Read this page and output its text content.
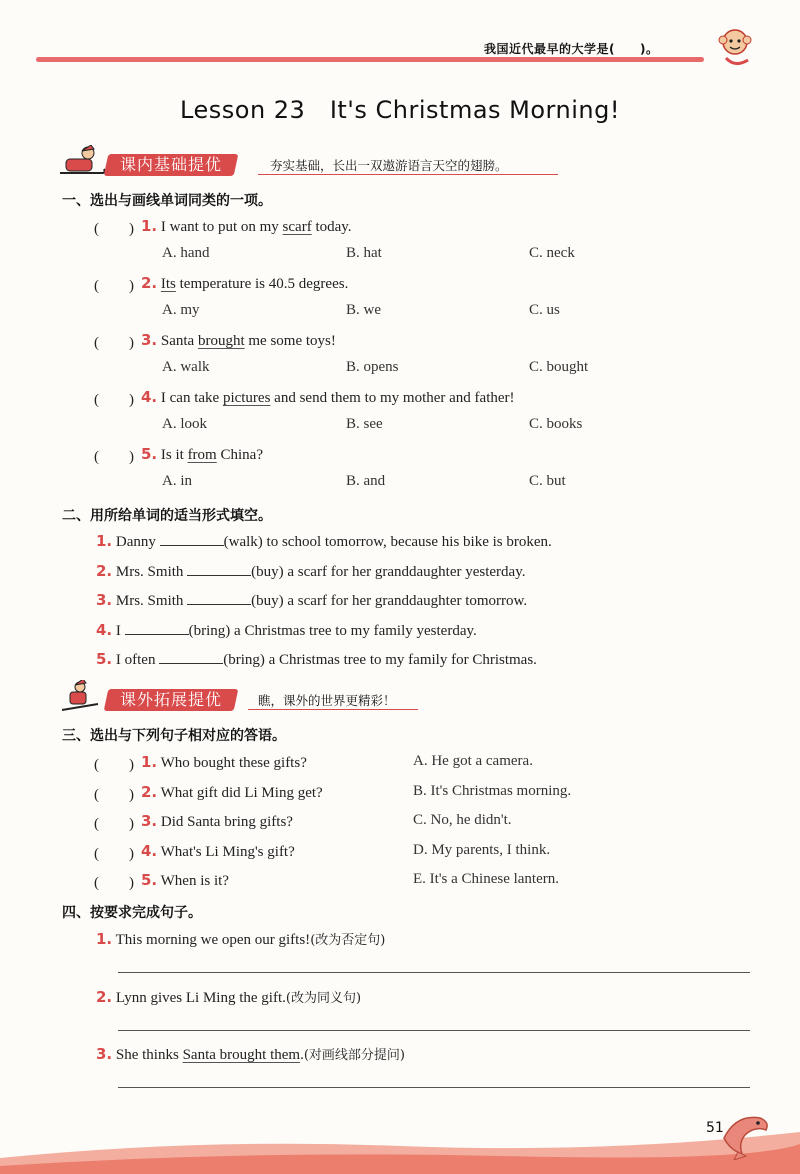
我国近代最早的大学是(　　)。
Lesson 23　It's Christmas Morning!
课内基础提优	夯实基础，长出一双遨游语言天空的翅膀。
一、选出与画线单词同类的一项。
(　　) 1. I want to put on my scarf today.
A. hand	B. hat	C. neck
(　　) 2. Its temperature is 40.5 degrees.
A. my	B. we	C. us
(　　) 3. Santa brought me some toys!
A. walk	B. opens	C. bought
(　　) 4. I can take pictures and send them to my mother and father!
A. look	B. see	C. books
(　　) 5. Is it from China?
A. in	B. and	C. but
二、用所给单词的适当形式填空。
1. Danny	(walk) to school tomorrow, because his bike is broken.
2. Mrs. Smith	(buy) a scarf for her granddaughter yesterday.
3. Mrs. Smith	(buy) a scarf for her granddaughter tomorrow.
4. I	(bring) a Christmas tree to my family yesterday.
5. I often	(bring) a Christmas tree to my family for Christmas.
课外拓展提优	瞧，课外的世界更精彩！
三、选出与下列句子相对应的答语。
(　　) 1. Who bought these gifts?	A. He got a camera.
(　　) 2. What gift did Li Ming get?	B. It's Christmas morning.
(　　) 3. Did Santa bring gifts?	C. No, he didn't.
(　　) 4. What's Li Ming's gift?	D. My parents, I think.
(　　) 5. When is it?	E. It's a Chinese lantern.
四、按要求完成句子。
1. This morning we open our gifts!(改为否定句)
2. Lynn gives Li Ming the gift.(改为同义句)
3. She thinks Santa brought them.(对画线部分提问)
51
